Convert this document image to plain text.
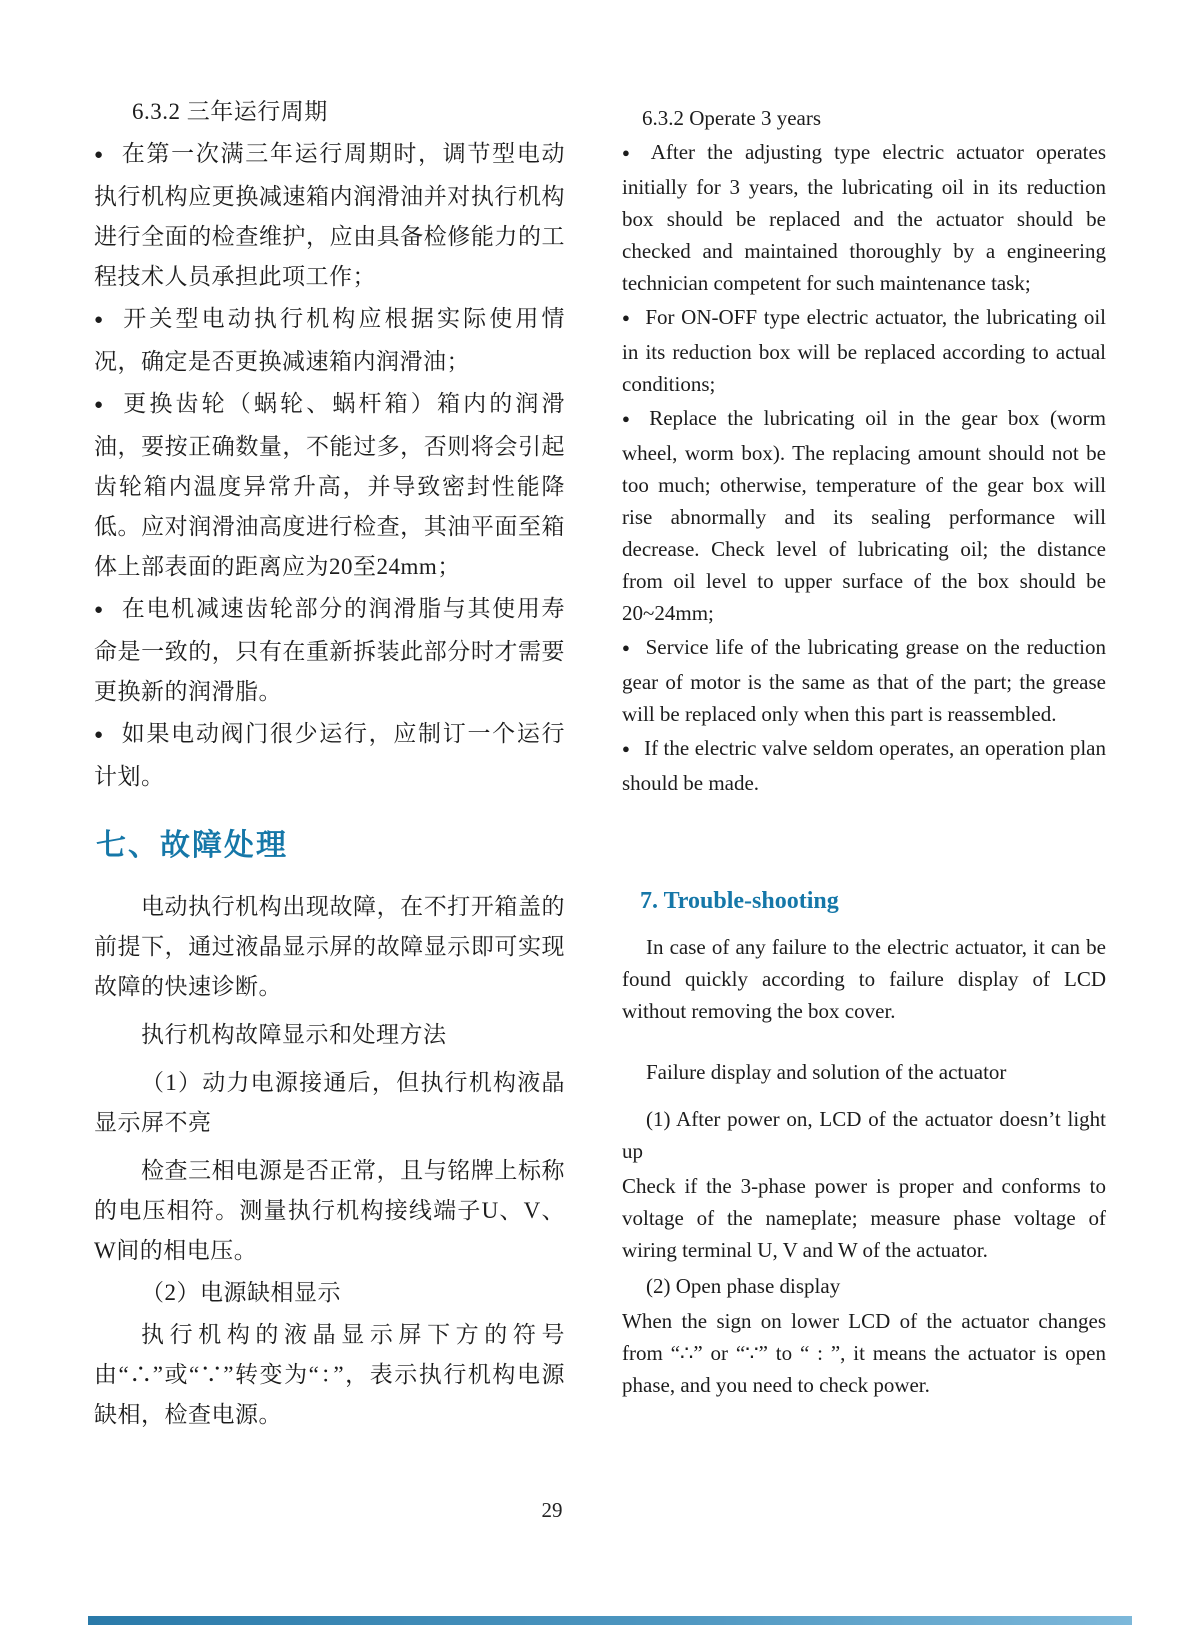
6.3.2 三年运行周期

● 在第一次满三年运行周期时，调节型电动执行机构应更换减速箱内润滑油并对执行机构进行全面的检查维护，应由具备检修能力的工程技术人员承担此项工作；

● 开关型电动执行机构应根据实际使用情况，确定是否更换减速箱内润滑油；

● 更换齿轮（蜗轮、蜗杆箱）箱内的润滑油，要按正确数量，不能过多，否则将会引起齿轮箱内温度异常升高，并导致密封性能降低。应对润滑油高度进行检查，其油平面至箱体上部表面的距离应为20至24mm；

● 在电机减速齿轮部分的润滑脂与其使用寿命是一致的，只有在重新拆装此部分时才需要更换新的润滑脂。

● 如果电动阀门很少运行，应制订一个运行计划。

七、故障处理

电动执行机构出现故障，在不打开箱盖的前提下，通过液晶显示屏的故障显示即可实现故障的快速诊断。

执行机构故障显示和处理方法

（1）动力电源接通后，但执行机构液晶显示屏不亮

检查三相电源是否正常，且与铭牌上标称的电压相符。测量执行机构接线端子U、V、W间的相电压。

（2）电源缺相显示

执行机构的液晶显示屏下方的符号由“∴”或“∵”转变为“：”，表示执行机构电源缺相，检查电源。

6.3.2 Operate 3 years

● After the adjusting type electric actuator operates initially for 3 years, the lubricating oil in its reduction box should be replaced and the actuator should be checked and maintained thoroughly by a engineering technician competent for such maintenance task;

● For ON-OFF type electric actuator, the lubricating oil in its reduction box will be replaced according to actual conditions;

● Replace the lubricating oil in the gear box (worm wheel, worm box). The replacing amount should not be too much; otherwise, temperature of the gear box will rise abnormally and its sealing performance will decrease. Check level of lubricating oil; the distance from oil level to upper surface of the box should be 20~24mm;

● Service life of the lubricating grease on the reduction gear of motor is the same as that of the part; the grease will be replaced only when this part is reassembled.

● If the electric valve seldom operates, an operation plan should be made.

7. Trouble-shooting

In case of any failure to the electric actuator, it can be found quickly according to failure display of LCD without removing the box cover.

Failure display and solution of the actuator

(1) After power on, LCD of the actuator doesn’t light up

Check if the 3-phase power is proper and conforms to voltage of the nameplate; measure phase voltage of wiring terminal U, V and W of the actuator.

(2) Open phase display

When the sign on lower LCD of the actuator changes from “∴” or “∵” to “ : ”, it means the actuator is open phase, and you need to check power.

29
